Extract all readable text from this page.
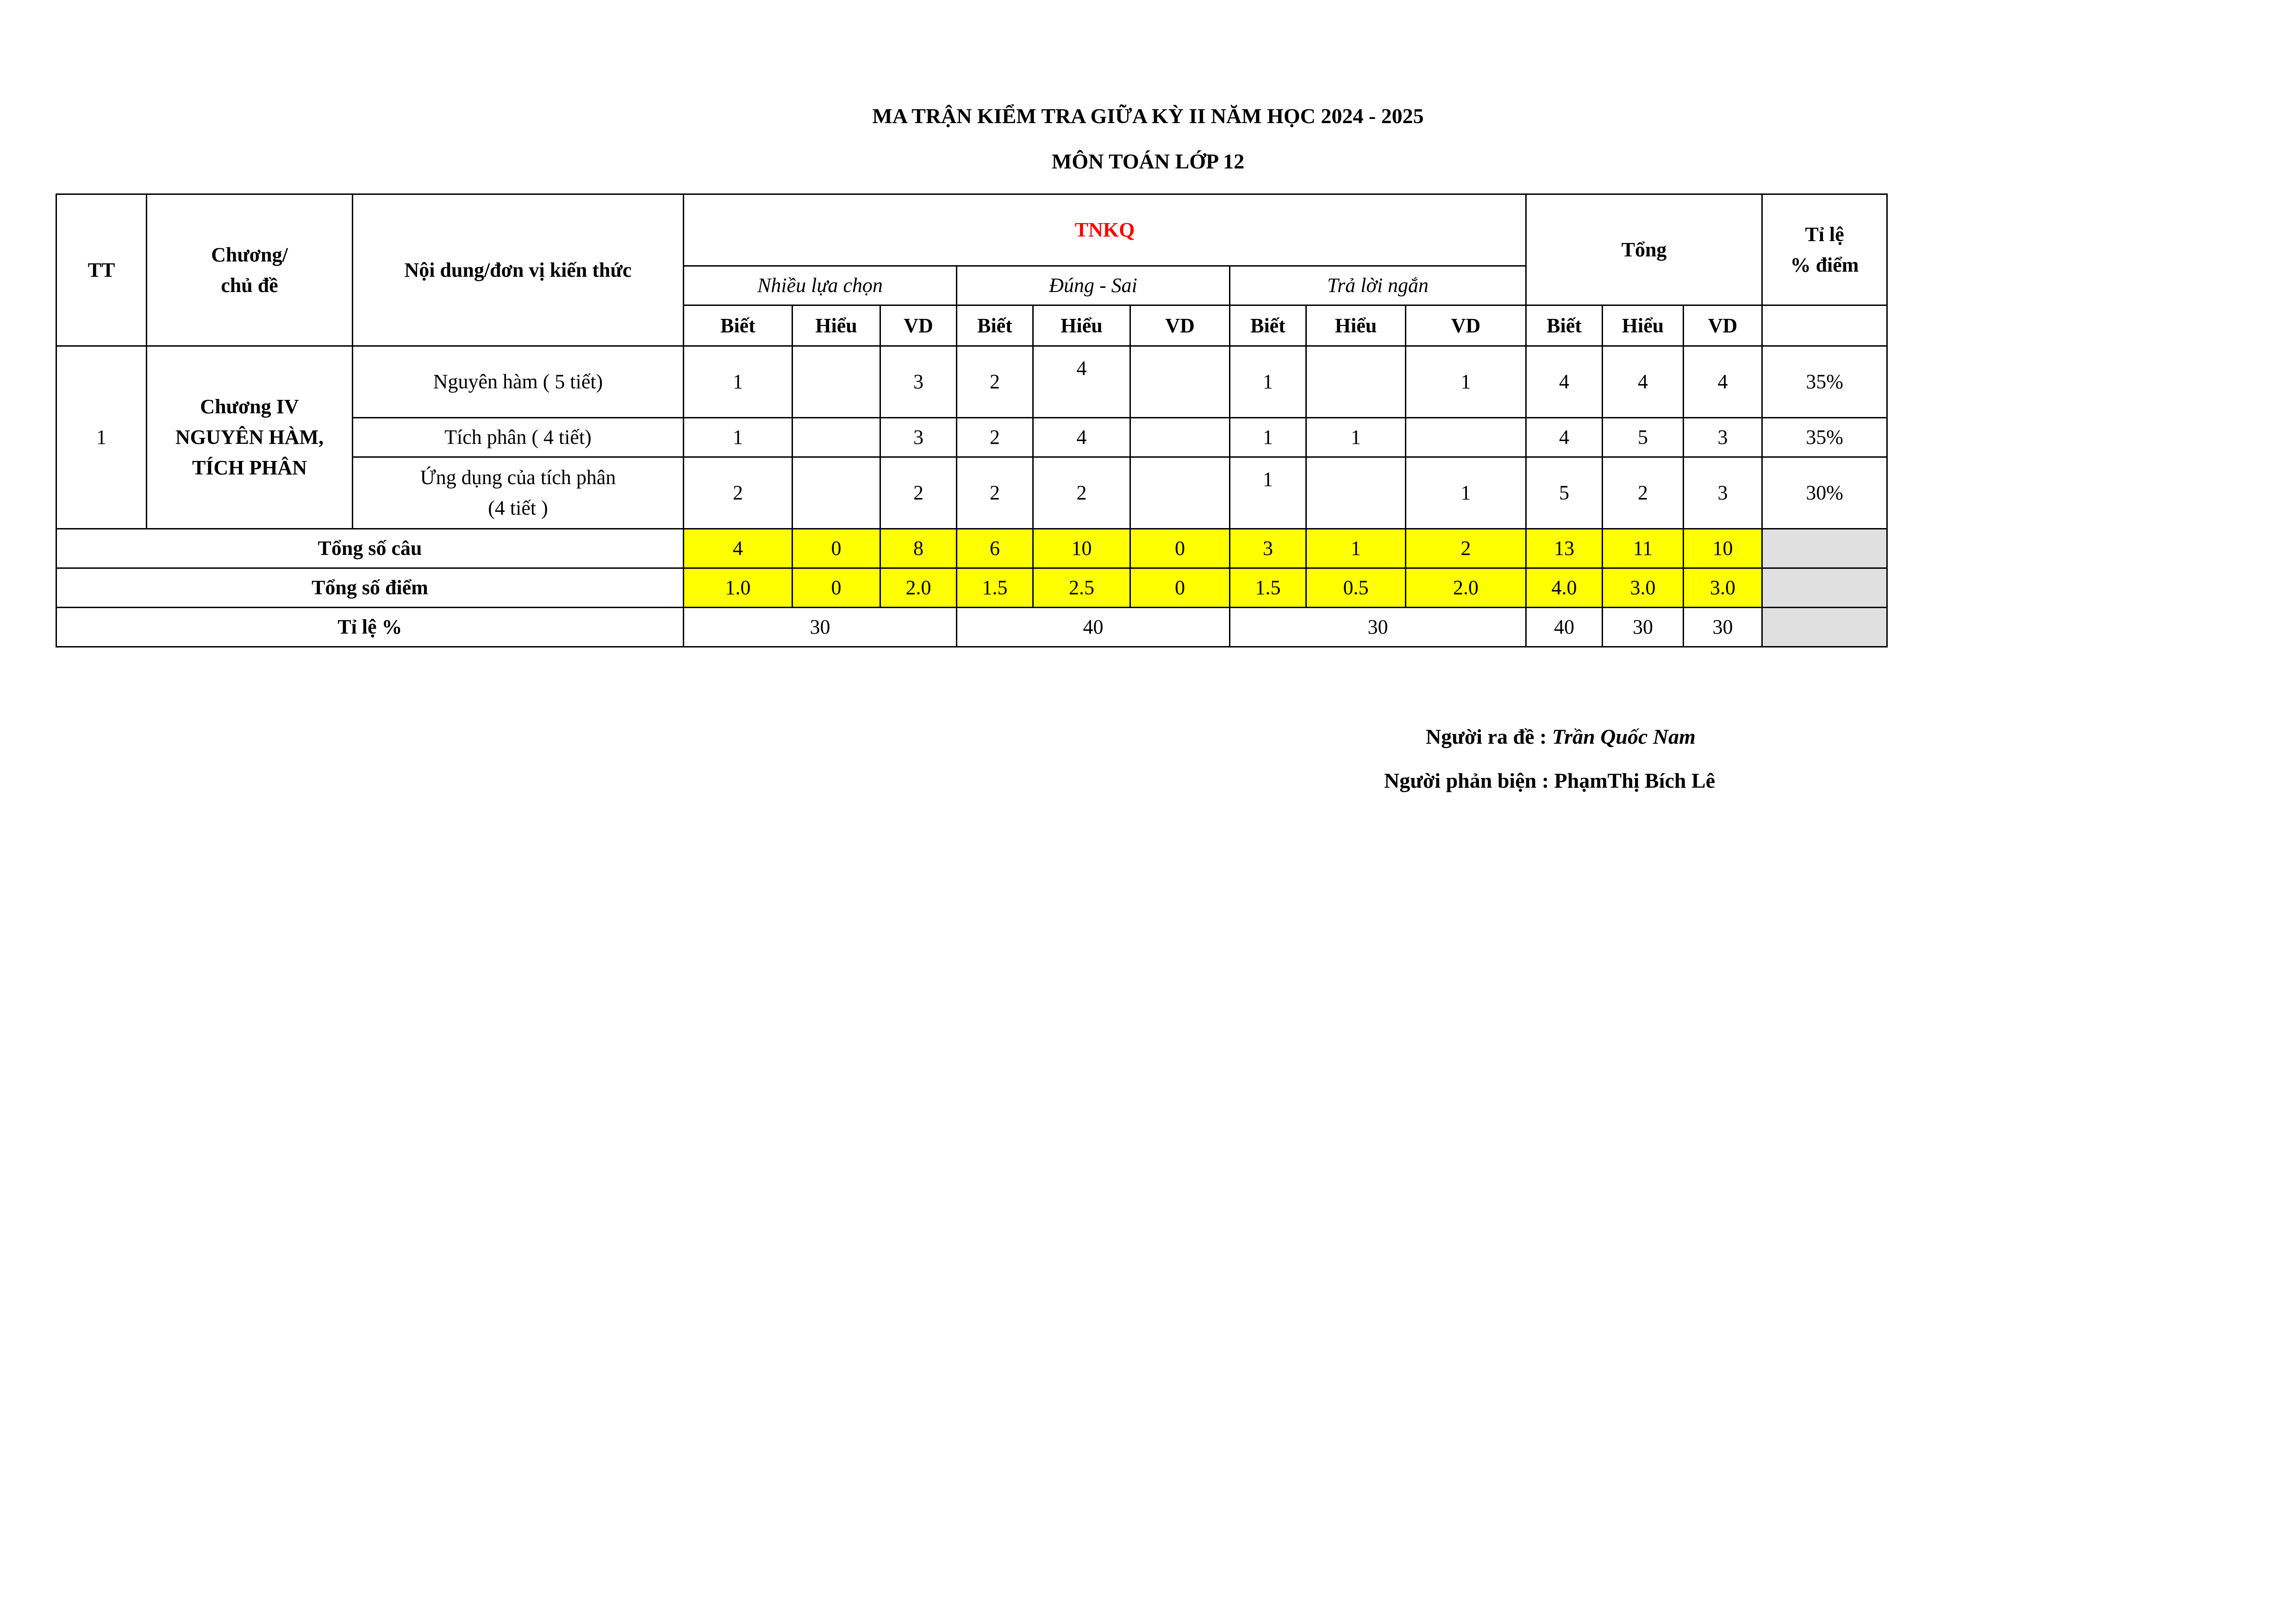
MA TRẬN KIỂM TRA GIỮA KỲ II NĂM HỌC 2024 - 2025
MÔN TOÁN LỚP 12
TT	Chương/
chủ đề	Nội dung/đơn vị kiến thức	TNKQ									Tổng			Tỉ lệ
% điểm
			Nhiều lựa chọn			Đúng - Sai			Trả lời ngắn						
			Biết	Hiểu	VD	Biết	Hiểu	VD	Biết	Hiểu	VD	Biết	Hiểu	VD	
1	Chương IV
NGUYÊN HÀM,
TÍCH PHÂN	Nguyên hàm ( 5 tiết)	1		3	2	4		1		1	4	4	4	35%
		Tích phân ( 4 tiết)	1		3	2	4		1	1		4	5	3	35%
		Ứng dụng của tích phân
(4 tiết )	2		2	2	2		1		1	5	2	3	30%
Tổng số câu			4	0	8	6	10	0	3	1	2	13	11	10	
Tổng số điểm			1.0	0	2.0	1.5	2.5	0	1.5	0.5	2.0	4.0	3.0	3.0	
Tỉ lệ %			30			40			30			40	30	30	
Người ra đề : Trần Quốc Nam
Người phản biện : PhạmThị Bích Lê
